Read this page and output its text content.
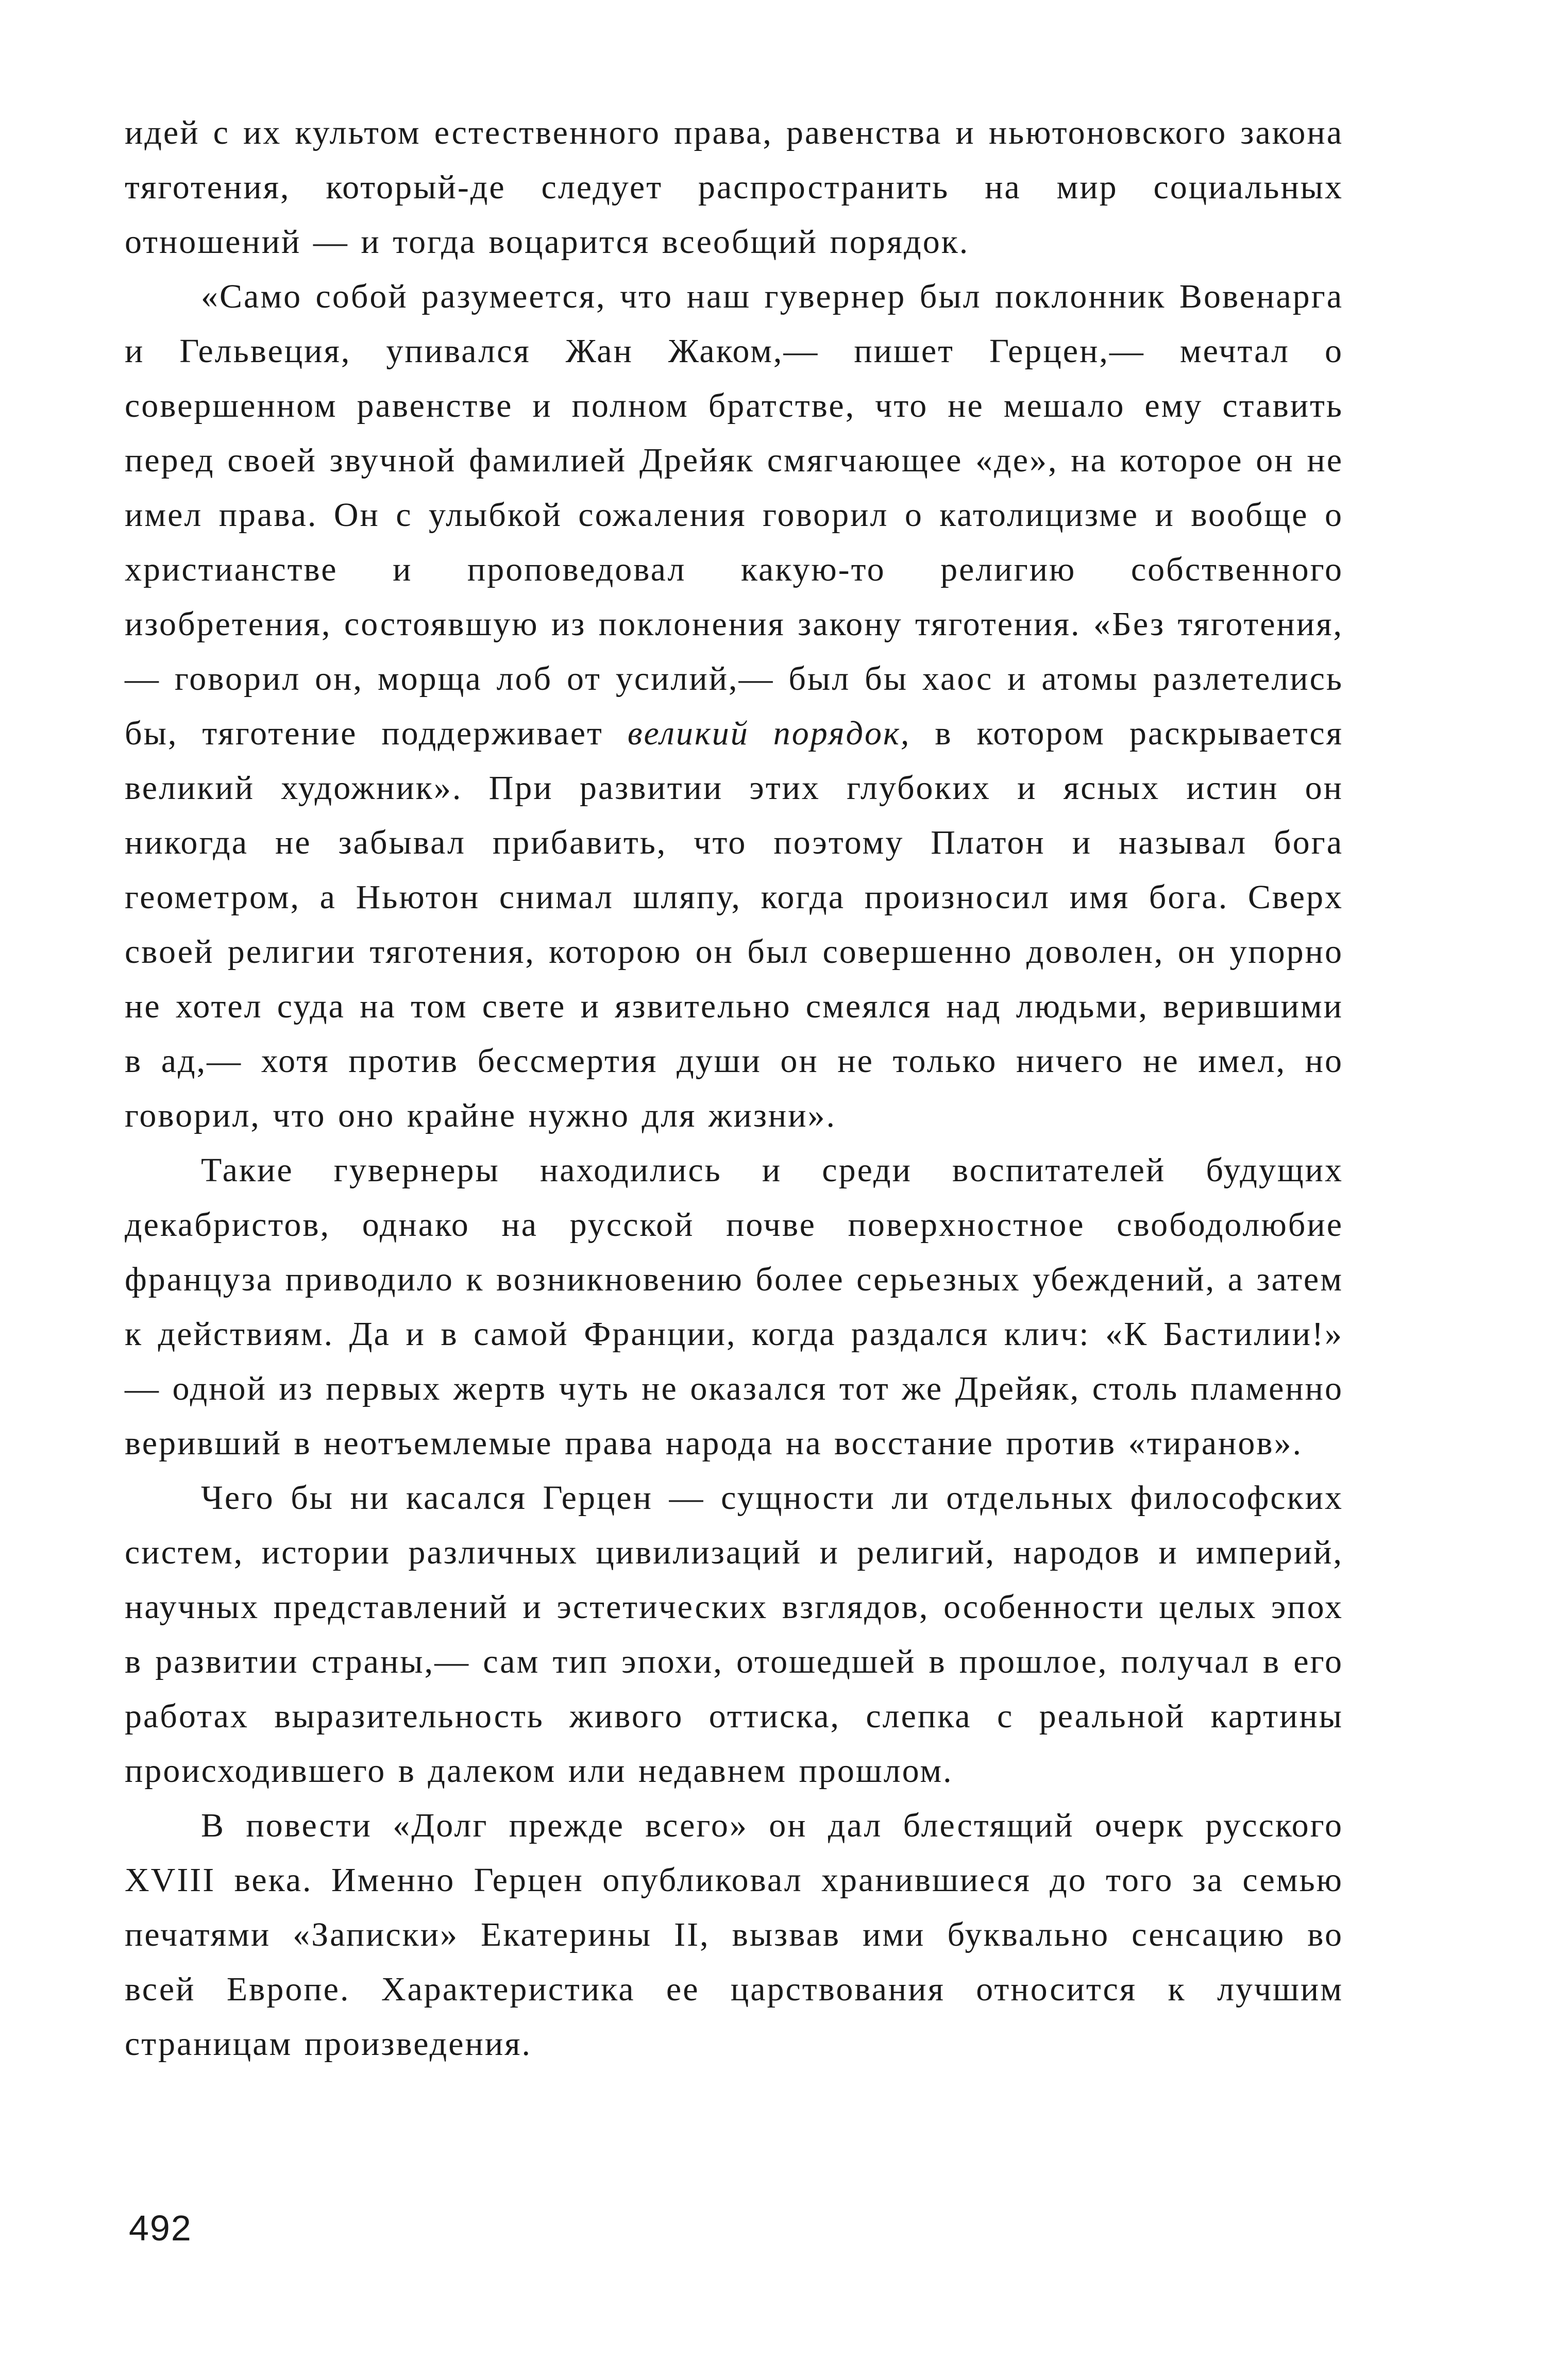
идей с их культом естественного права, равенства и ньютоновского закона тяготения, который-де следует распространить на мир социальных отношений — и тогда воцарится всеобщий порядок.

«Само собой разумеется, что наш гувернер был поклонник Вовенарга и Гельвеция, упивался Жан Жаком,— пишет Герцен,— мечтал о совершенном равенстве и полном братстве, что не мешало ему ставить перед своей звучной фамилией Дрейяк смягчающее «де», на которое он не имел права. Он с улыбкой сожаления говорил о католицизме и вообще о христианстве и проповедовал какую-то религию собственного изобретения, состоявшую из поклонения закону тяготения. «Без тяготения,— говорил он, морща лоб от усилий,— был бы хаос и атомы разлетелись бы, тяготение поддерживает великий порядок, в котором раскрывается великий художник». При развитии этих глубоких и ясных истин он никогда не забывал прибавить, что поэтому Платон и называл бога геометром, а Ньютон снимал шляпу, когда произносил имя бога. Сверх своей религии тяготения, которою он был совершенно доволен, он упорно не хотел суда на том свете и язвительно смеялся над людьми, верившими в ад,— хотя против бессмертия души он не только ничего не имел, но говорил, что оно крайне нужно для жизни».

Такие гувернеры находились и среди воспитателей будущих декабристов, однако на русской почве поверхностное свободолюбие француза приводило к возникновению более серьезных убеждений, а затем к действиям. Да и в самой Франции, когда раздался клич: «К Бастилии!» — одной из первых жертв чуть не оказался тот же Дрейяк, столь пламенно веривший в неотъемлемые права народа на восстание против «тиранов».

Чего бы ни касался Герцен — сущности ли отдельных философских систем, истории различных цивилизаций и религий, народов и империй, научных представлений и эстетических взглядов, особенности целых эпох в развитии страны,— сам тип эпохи, отошедшей в прошлое, получал в его работах выразительность живого оттиска, слепка с реальной картины происходившего в далеком или недавнем прошлом.

В повести «Долг прежде всего» он дал блестящий очерк русского XVIII века. Именно Герцен опубликовал хранившиеся до того за семью печатями «Записки» Екатерины II, вызвав ими буквально сенсацию во всей Европе. Характеристика ее царствования относится к лучшим страницам произведения.

492
